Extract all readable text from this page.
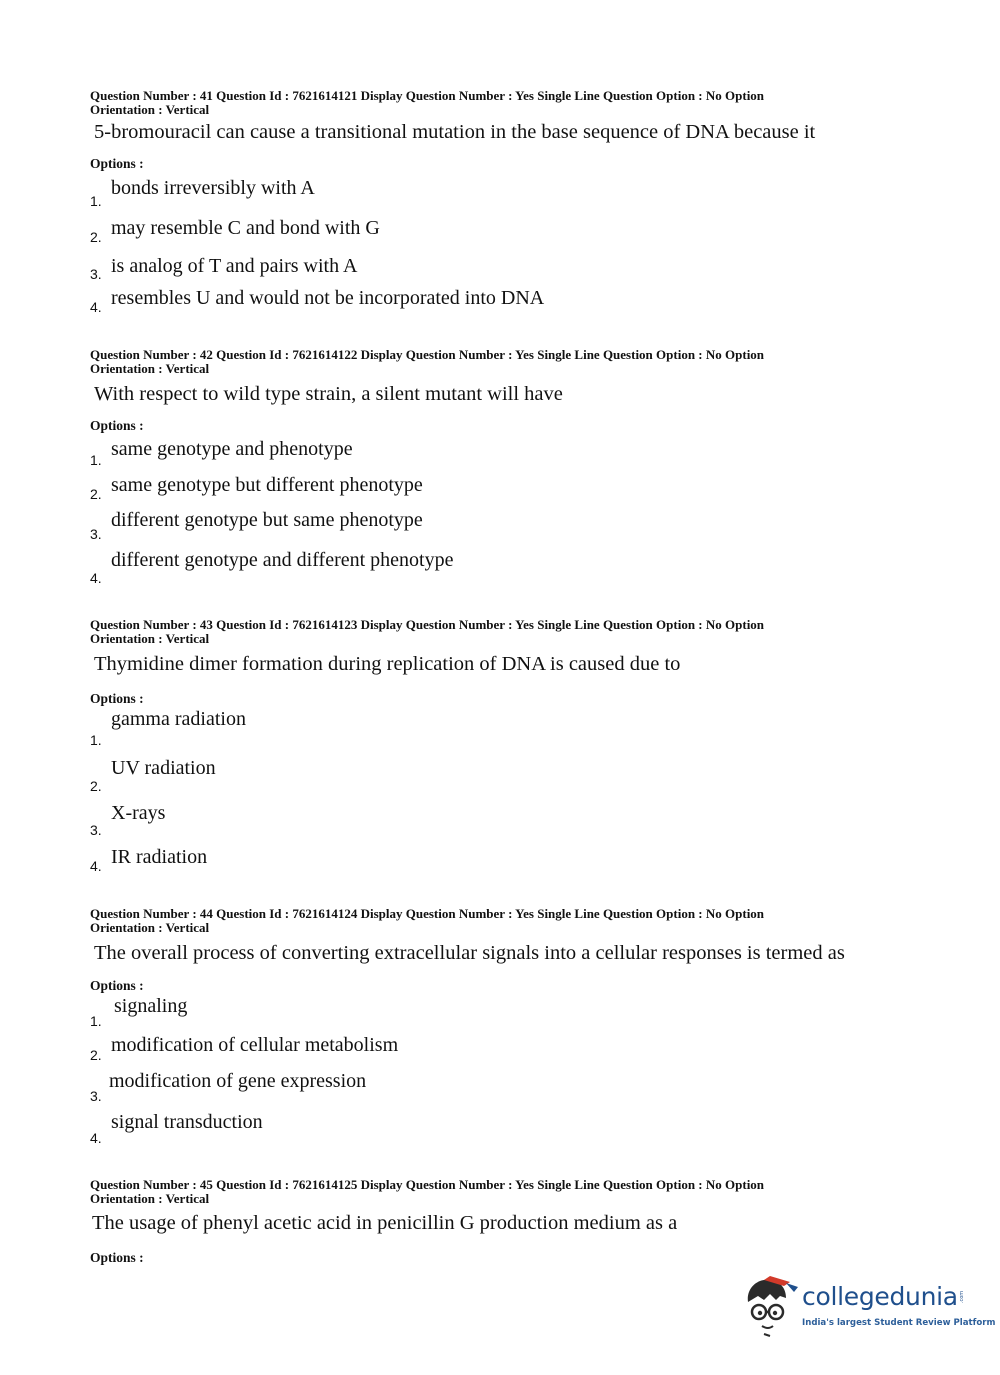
Question Number : 41 Question Id : 7621614121 Display Question Number : Yes Single Line Question Option : No Option

Orientation : Vertical

5-bromouracil can cause a transitional mutation in the base sequence of DNA because it
Options :
1.
bonds irreversibly with A
2. may resemble C and bond with G
3. is analog of T and pairs with A
4. resembles U and would not be incorporated into DNA

Question Number : 42 Question Id : 7621614122 Display Question Number : Yes Single Line Question Option : No Option

Orientation : Vertical

With respect to wild type strain, a silent mutant will have
Options :
1. same genotype and phenotype
2. same genotype but different phenotype
3.
different genotype but same phenotype
4.
different genotype and different phenotype

Question Number : 43 Question Id : 7621614123 Display Question Number : Yes Single Line Question Option : No Option

Orientation : Vertical

Thymidine dimer formation during replication of DNA is caused due to
Options :
1.
gamma radiation
2.
UV radiation
3.
X-rays
4. IR radiation

Question Number : 44 Question Id : 7621614124 Display Question Number : Yes Single Line Question Option : No Option

Orientation : Vertical

The overall process of converting extracellular signals into a cellular responses is termed as
Options :
1.
signaling
2. modification of cellular metabolism
3.
modification of gene expression
4.
signal transduction

Question Number : 45 Question Id : 7621614125 Display Question Number : Yes Single Line Question Option : No Option

Orientation : Vertical

The usage of phenyl acetic acid in penicillin G production medium as a
Options :
collegedunia .com
India's largest Student Review Platform
